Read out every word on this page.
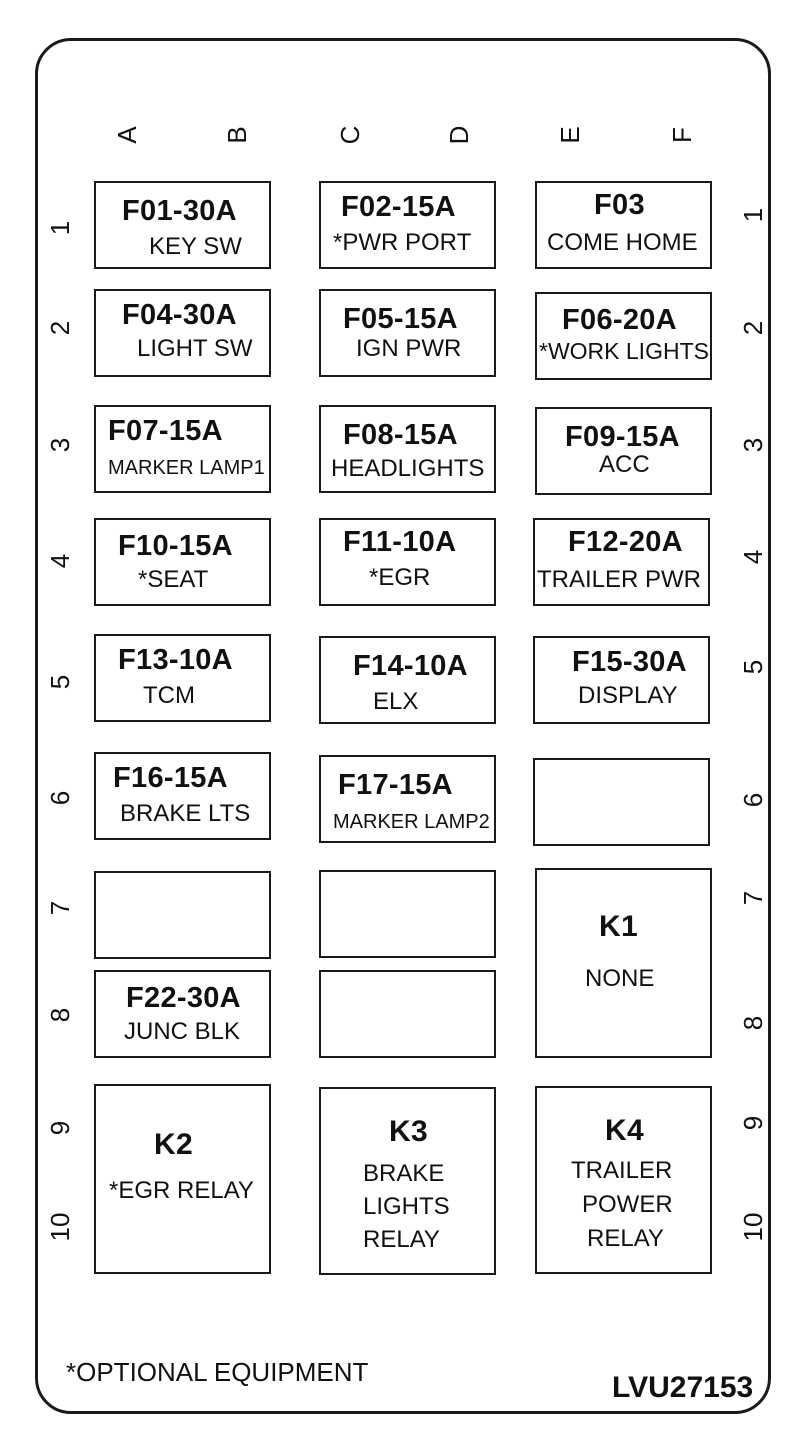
A	B	C	D	E	F
1
2
3
4
5
6
7
8
9
10
1
2
3
4
5
6
7
8
9
10
F01-30A
KEY SW
F02-15A
*PWR PORT
F03
COME HOME
F04-30A
LIGHT SW
F05-15A
IGN PWR
F06-20A
*WORK LIGHTS
F07-15A
MARKER LAMP1
F08-15A
HEADLIGHTS
F09-15A
ACC
F10-15A
*SEAT
F11-10A
*EGR
F12-20A
TRAILER PWR
F13-10A
TCM
F14-10A
ELX
F15-30A
DISPLAY
F16-15A
BRAKE LTS
F17-15A
MARKER LAMP2
F22-30A
JUNC BLK
K1
NONE
K2
*EGR RELAY
K3
BRAKE
LIGHTS
RELAY
K4
TRAILER
POWER
RELAY
*OPTIONAL EQUIPMENT	LVU27153
